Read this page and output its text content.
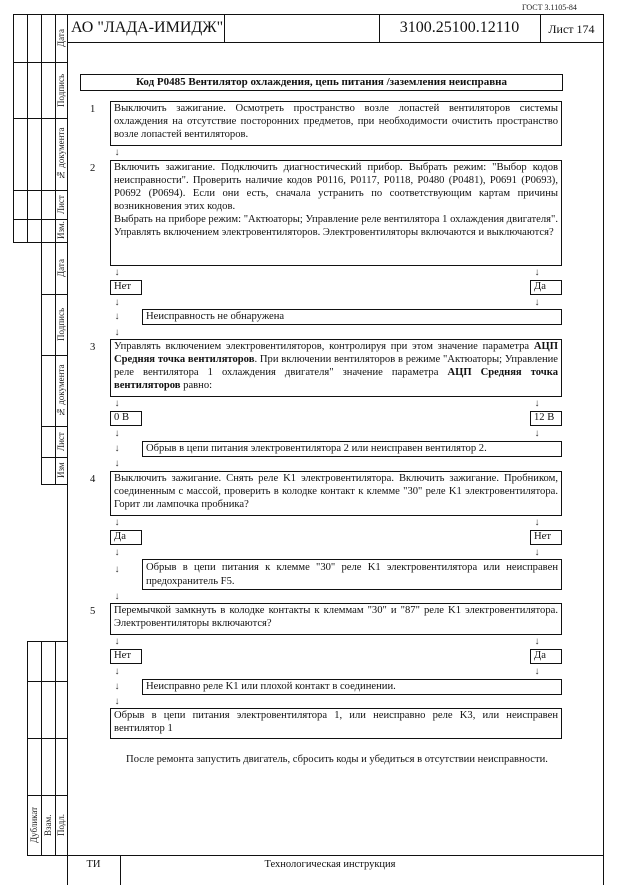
ГОСТ 3.1105-84
АО "ЛАДА-ИМИДЖ"	3100.25100.12110	Лист 174
Дата
Подпись
№ документа
Лист
Изм.
Дата
Подпись
№ документа
Лист
Изм
Дубликат Взам. Подл.
ТИ	Технологическая инструкция
Код P0485 Вентилятор охлаждения, цепь питания /заземления неисправна
1	Выключить зажигание. Осмотреть пространство возле лопастей вентиляторов системы охлаждения на отсутствие посторонних предметов, при необходимости очистить пространство возле лопастей вентиляторов.
↓
2 Включить зажигание. Подключить диагностический прибор. Выбрать режим: "Выбор кодов неисправности". Проверить наличие кодов P0116, P0117, P0118, P0480 (P0481), P0691 (P0693), P0692 (P0694). Если они есть, сначала устранить по соответствующим картам причины возникновения этих кодов.
Выбрать на приборе режим: "Актюаторы; Управление реле вентилятора 1 охлаждения двигателя". Управлять включением электровентиляторов. Электровентиляторы включаются и выключаются?
↓	↓
Нет	Да
↓	↓
↓	Неисправность не обнаружена
↓
3	Управлять включением электровентиляторов, контролируя при этом значение параметра АЦП Средняя точка вентиляторов. При включении вентиляторов в режиме "Актюаторы; Управление реле вентилятора 1 охлаждения двигателя" значение параметра АЦП Средняя точка вентиляторов равно:
↓	↓
0 В	12 В
↓	↓
↓	Обрыв в цепи питания электровентилятора 2 или неисправен вентилятор 2.
↓
4	Выключить зажигание. Снять реле K1 электровентилятора. Включить зажигание. Пробником, соединенным с массой, проверить в колодке контакт к клемме "30" реле K1 электровентилятора. Горит ли лампочка пробника?
↓	↓
Да	Нет
↓	↓
↓	Обрыв в цепи питания к клемме "30" реле K1 электровентилятора или неисправен предохранитель F5.
↓
5	Перемычкой замкнуть в колодке контакты к клеммам "30" и "87" реле K1 электровентилятора. Электровентиляторы включаются?
↓	↓
Нет	Да
↓	↓
↓	Неисправно реле K1 или плохой контакт в соединении.
↓
Обрыв в цепи питания электровентилятора 1, или неисправно реле K3, или неисправен вентилятор 1
После ремонта запустить двигатель, сбросить коды и убедиться в отсутствии неисправности.
